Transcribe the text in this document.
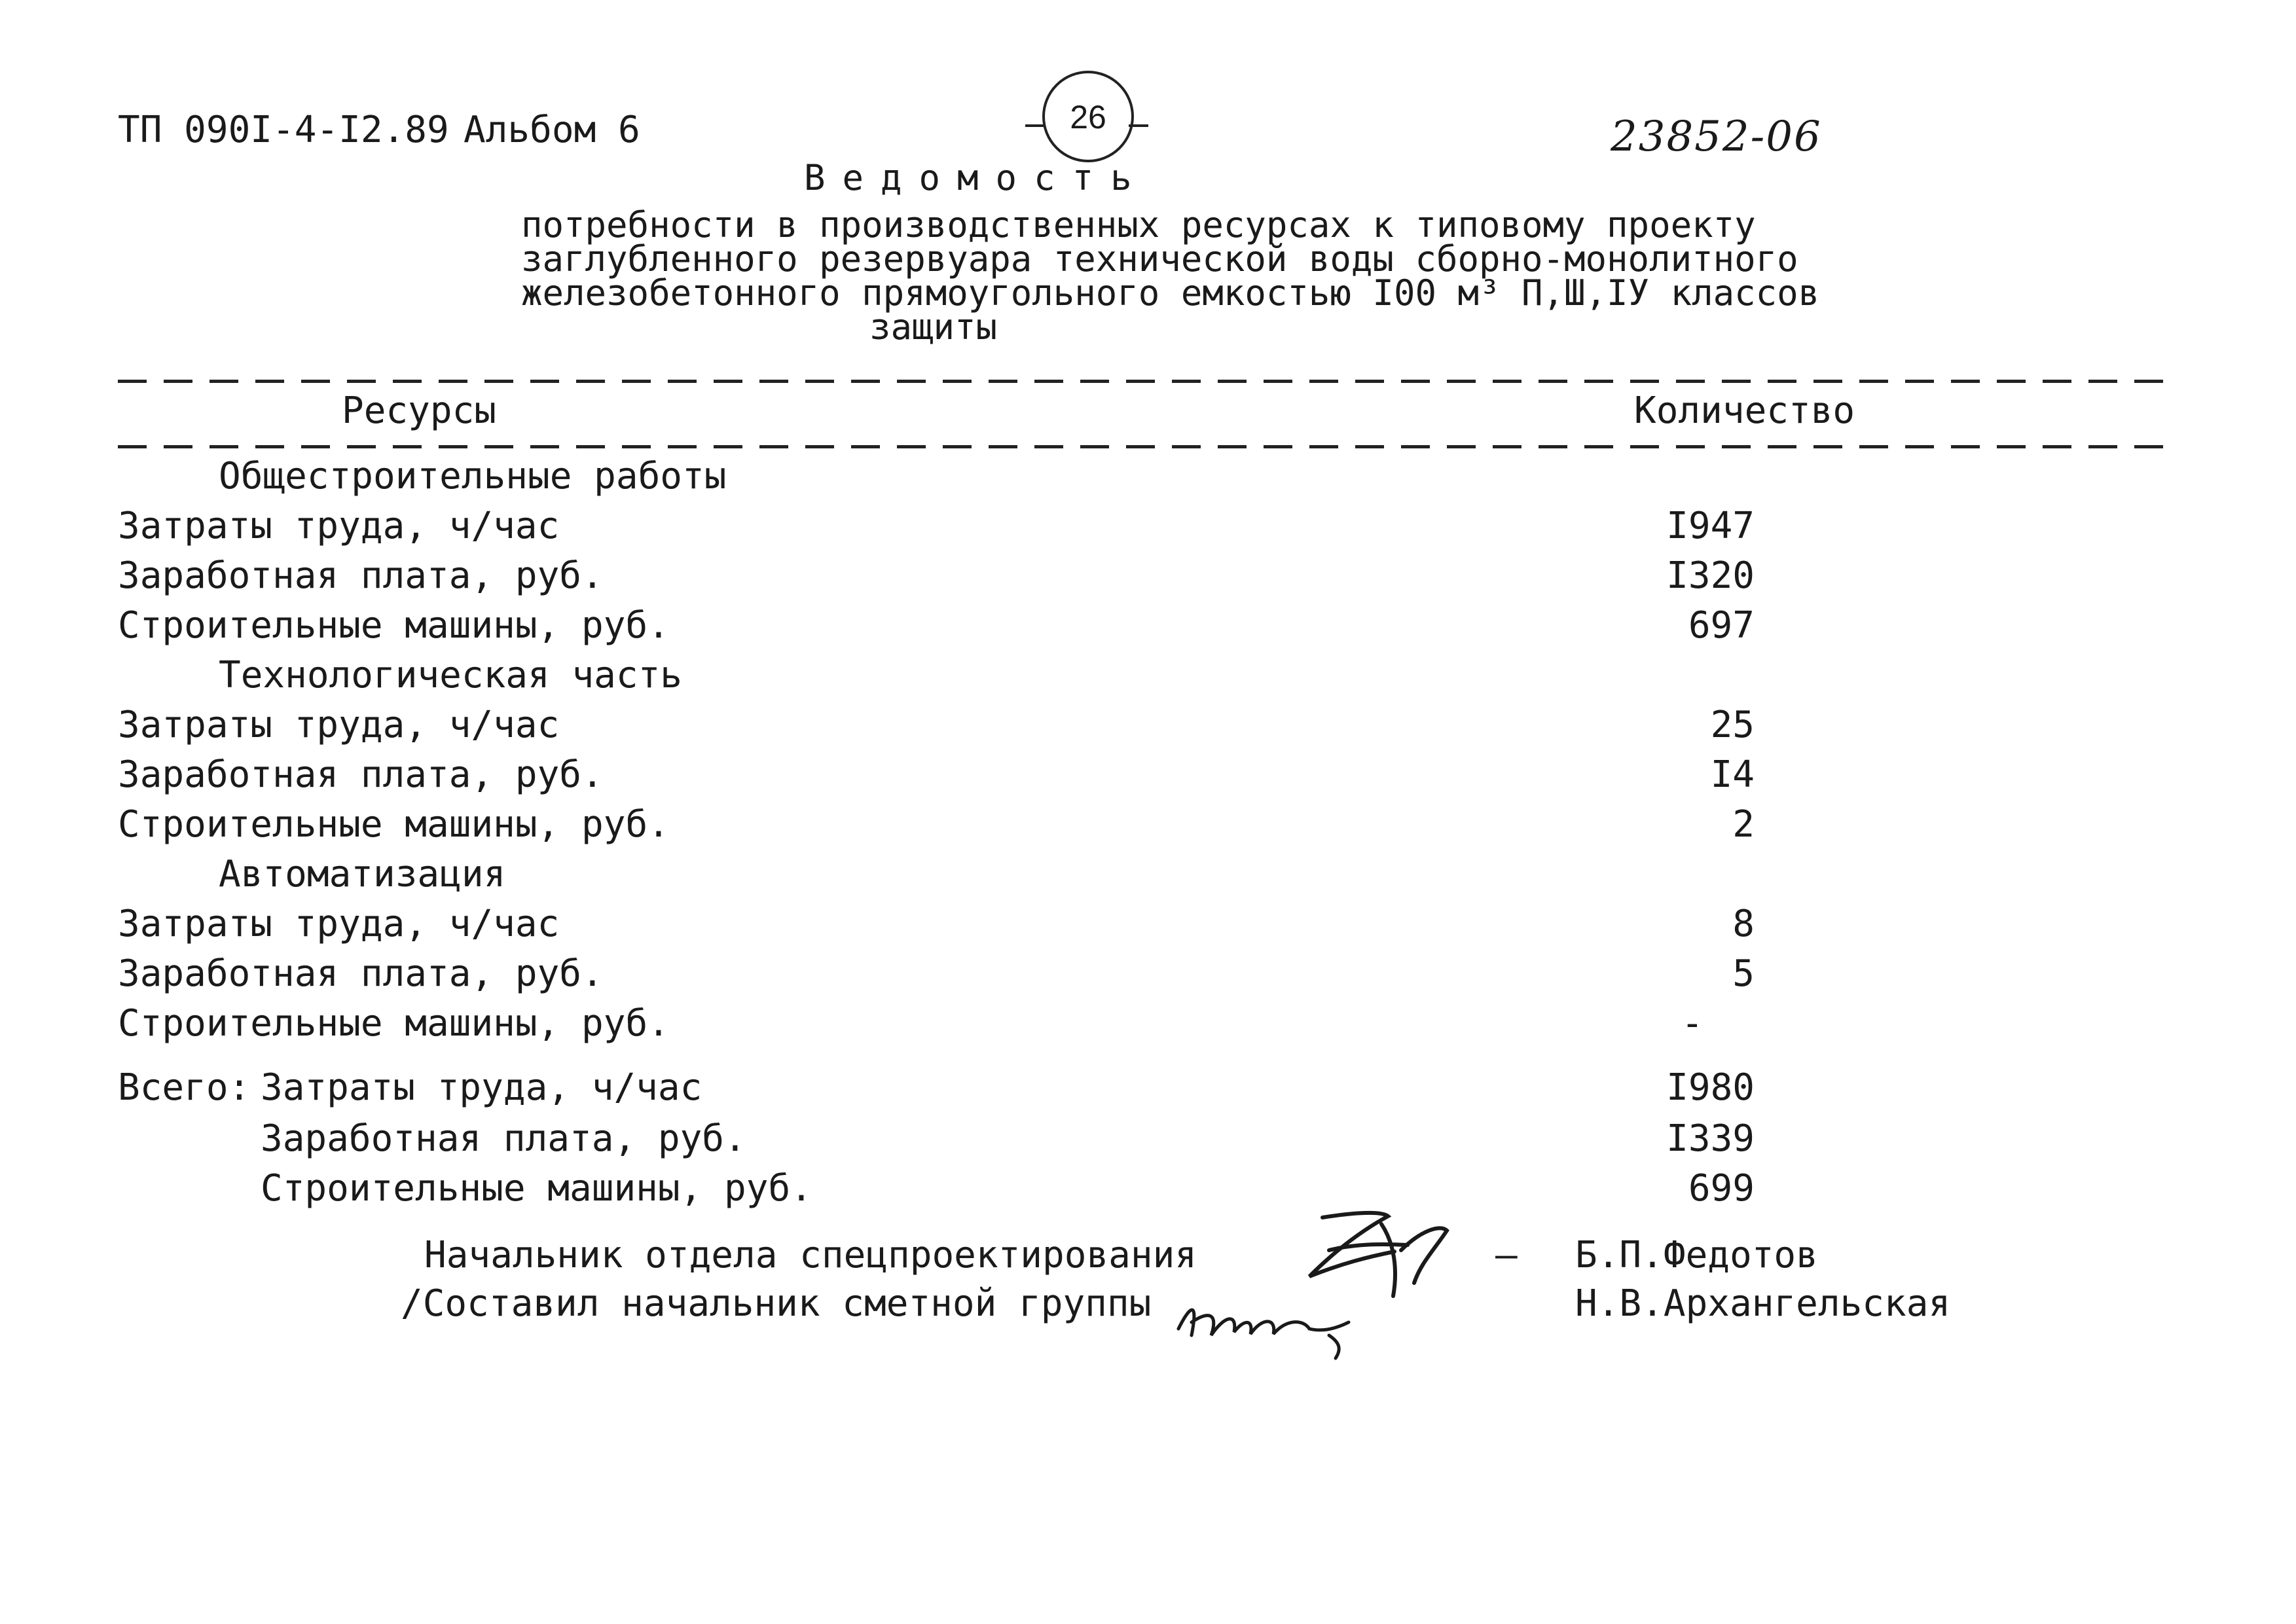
ТП 090I-4-I2.89 Альбом 6	26	23852-06
Ведомость
потребности в производственных ресурсах к типовому проекту
заглубленного резервуара технической воды сборно-монолитного
железобетонного прямоугольного емкостью I00 м³ П,Ш,IУ классов
защиты
Ресурсы	Количество
Общестроительные работы
Затраты труда, ч/час	I947
Заработная плата, руб.	I320
Строительные машины, руб.	697
Технологическая часть
Затраты труда, ч/час	25
Заработная плата, руб.	I4
Строительные машины, руб.	2
Автоматизация
Затраты труда, ч/час	8
Заработная плата, руб.	5
Строительные машины, руб.	-
Всего: Затраты труда, ч/час	I980
Заработная плата, руб.	I339
Строительные машины, руб.	699
Начальник отдела спецпроектирования	– Б.П.Федотов
/Составил начальник сметной группы	Н.В.Архангельская
